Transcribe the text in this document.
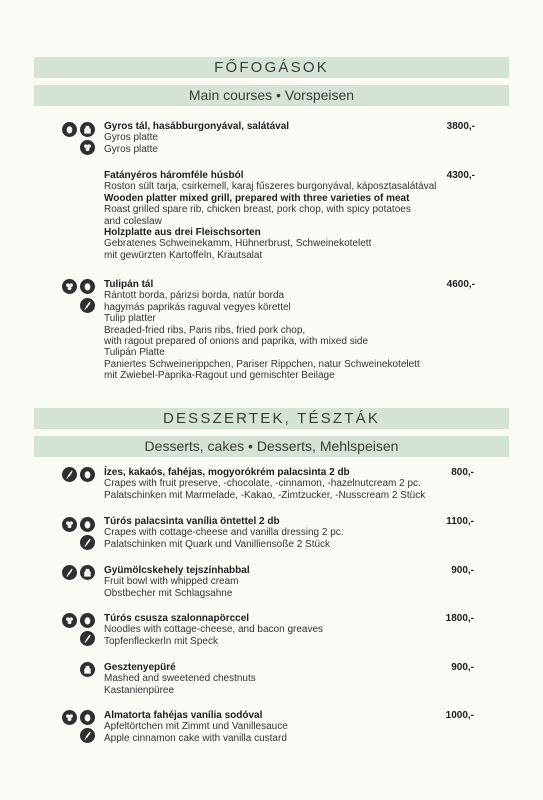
FŐFOGÁSOK
Main courses • Vorspeisen
Gyros tál, hasábburgonyával, salátával
Gyros platte
Gyros platte
3800,-
Fatányéros háromféle húsból
Roston sült tarja, csirkemell, karaj fűszeres burgonyával, káposztasalátával
Wooden platter mixed grill, prepared with three varieties of meat
Roast grilled spare rib, chicken breast, pork chop, with spicy potatoes
and coleslaw
Holzplatte aus drei Fleischsorten
Gebratenes Schweinekamm, Hühnerbrust, Schweinekotelett
mit gewürzten Kartoffeln, Krautsalat
4300,-
Tulipán tál
Rántott borda, párizsi borda, natúr borda
hagymás paprikás raguval vegyes körettel
Tulip platter
Breaded-fried ribs, Paris ribs, fried pork chop,
with ragout prepared of onions and paprika, with mixed side
Tulipán Platte
Paniertes Schweinerippchen, Pariser Rippchen, natur Schweinekotelett
mit Zwiebel-Paprika-Ragout und gemischter Beilage
4600,-
DESSZERTEK, TÉSZTÁK
Desserts, cakes • Desserts, Mehlspeisen
Ízes, kakaós, fahéjas, mogyorókrém palacsinta 2 db
Crapes with fruit preserve, -chocolate, -cinnamon, -hazelnutcream 2 pc.
Palatschinken mit Marmelade, -Kakao, -Zimtzucker, -Nusscream 2 Stück
800,-
Túrós palacsinta vanília öntettel 2 db
Crapes with cottage-cheese and vanilla dressing 2 pc.
Palatschinken mit Quark und Vanilliensoße 2 Stück
1100,-
Gyümölcskehely tejszínhabbal
Fruit bowl with whipped cream
Obstbecher mit Schlagsahne
900,-
Túrós csusza szalonnapörccel
Noodles with cottage-cheese, and bacon greaves
Topfenfleckerln mit Speck
1800,-
Gesztenyepüré
Mashed and sweetened chestnuts
Kastanienpüree
900,-
Almatorta fahéjas vanília sodóval
Apfeltörtchen mit Zimmt und Vanillesauce
Apple cinnamon cake with vanilla custard
1000,-
